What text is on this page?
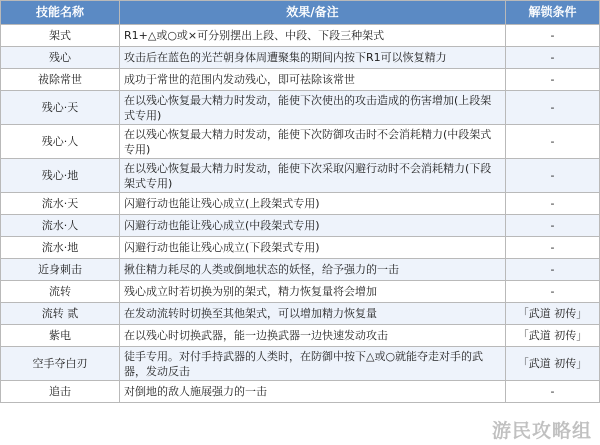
技能名称	效果/备注	解锁条件
架式	R1+△或○或×可分别摆出上段、中段、下段三种架式	-
残心	攻击后在蓝色的光芒朝身体周遭聚集的期间内按下R1可以恢复精力	-
祓除常世	成功于常世的范围内发动残心，即可祛除该常世	-
残心·天	在以残心恢复最大精力时发动，能使下次使出的攻击造成的伤害增加(上段架式专用)	-
残心·人	在以残心恢复最大精力时发动，能使下次防御攻击时不会消耗精力(中段架式专用)	-
残心·地	在以残心恢复最大精力时发动，能使下次采取闪避行动时不会消耗精力(下段架式专用)	-
流水·天	闪避行动也能让残心成立(上段架式专用)	-
流水·人	闪避行动也能让残心成立(中段架式专用)	-
流水·地	闪避行动也能让残心成立(下段架式专用)	-
近身刺击	揪住精力耗尽的人类或倒地状态的妖怪，给予强力的一击	-
流转	残心成立时若切换为别的架式，精力恢复量将会增加	-
流转 贰	在发动流转时切换至其他架式，可以增加精力恢复量	「武道 初传」
紫电	在以残心时切换武器，能一边换武器一边快速发动攻击	「武道 初传」
空手夺白刃	徒手专用。对付手持武器的人类时，在防御中按下△或○就能夺走对手的武器，发动反击	「武道 初传」
追击	对倒地的敌人施展强力的一击	-
游民攻略组
